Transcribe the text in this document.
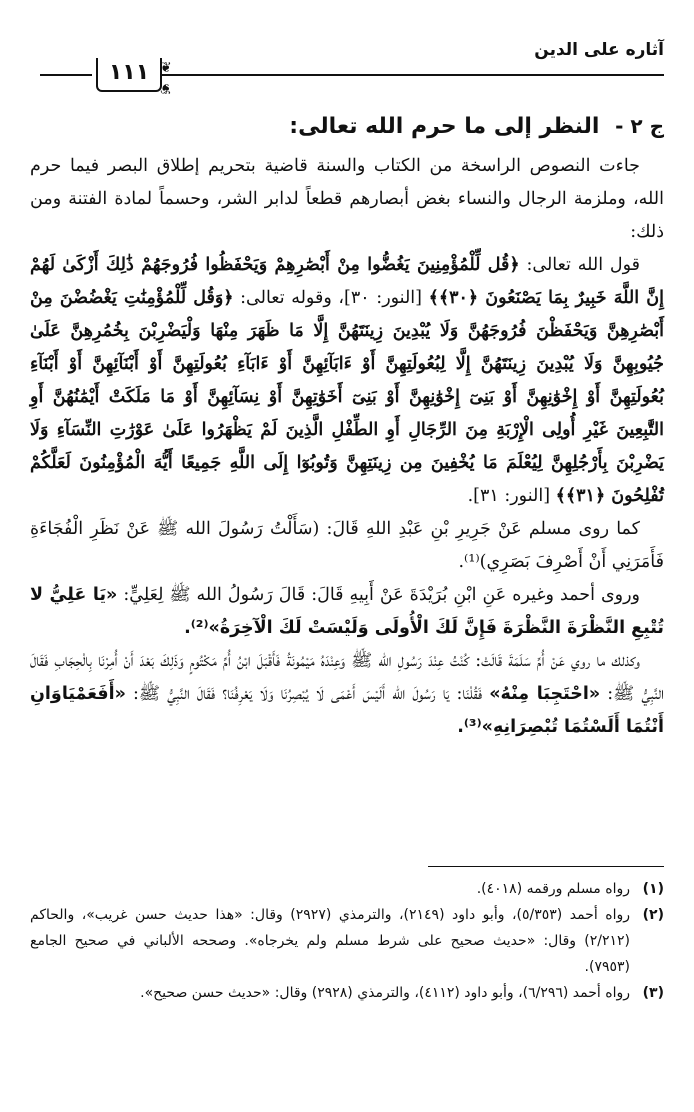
آثاره على الدين
❦
❦
١١١
ج ٢ - النظر إلى ما حرم الله تعالى:

جاءت النصوص الراسخة من الكتاب والسنة قاضية بتحريم إطلاق البصر فيما حرم الله، وملزمة الرجال والنساء بغض أبصارهم قطعاً لدابر الشر، وحسماً لمادة الفتنة ومن ذلك:

قول الله تعالى: ﴿قُل لِّلْمُؤْمِنِينَ يَغُضُّوا مِنْ أَبْصَٰرِهِمْ وَيَحْفَظُوا فُرُوجَهُمْ ذَٰلِكَ أَزْكَىٰ لَهُمْ إِنَّ اللَّهَ خَبِيرٌ بِمَا يَصْنَعُونَ ﴿٣٠﴾﴾ [النور: ٣٠]، وقوله تعالى: ﴿وَقُل لِّلْمُؤْمِنَٰتِ يَغْضُضْنَ مِنْ أَبْصَٰرِهِنَّ وَيَحْفَظْنَ فُرُوجَهُنَّ وَلَا يُبْدِينَ زِينَتَهُنَّ إِلَّا مَا ظَهَرَ مِنْهَا وَلْيَضْرِبْنَ بِخُمُرِهِنَّ عَلَىٰ جُيُوبِهِنَّ وَلَا يُبْدِينَ زِينَتَهُنَّ إِلَّا لِبُعُولَتِهِنَّ أَوْ ءَابَآئِهِنَّ أَوْ ءَابَآءِ بُعُولَتِهِنَّ أَوْ أَبْنَآئِهِنَّ أَوْ أَبْنَآءِ بُعُولَتِهِنَّ أَوْ إِخْوَٰنِهِنَّ أَوْ بَنِىٓ إِخْوَٰنِهِنَّ أَوْ بَنِىٓ أَخَوَٰتِهِنَّ أَوْ نِسَآئِهِنَّ أَوْ مَا مَلَكَتْ أَيْمَٰنُهُنَّ أَوِ التَّٰبِعِينَ غَيْرِ أُولِى الْإِرْبَةِ مِنَ الرِّجَالِ أَوِ الطِّفْلِ الَّذِينَ لَمْ يَظْهَرُوا عَلَىٰ عَوْرَٰتِ النِّسَآءِ وَلَا يَضْرِبْنَ بِأَرْجُلِهِنَّ لِيُعْلَمَ مَا يُخْفِينَ مِن زِينَتِهِنَّ وَتُوبُوٓا إِلَى اللَّهِ جَمِيعًا أَيُّهَ الْمُؤْمِنُونَ لَعَلَّكُمْ تُفْلِحُونَ ﴿٣١﴾﴾ [النور: ٣١].

كما روى مسلم عَنْ جَرِيرِ بْنِ عَبْدِ اللهِ قَالَ: (سَأَلْتُ رَسُولَ الله ﷺ عَنْ نَظَرِ الْفُجَاءَةِ فَأَمَرَنِي أَنْ أَصْرِفَ بَصَرِي)⁽¹⁾.

وروى أحمد وغيره عَنِ ابْنِ بُرَيْدَةَ عَنْ أَبِيهِ قَالَ: قَالَ رَسُولُ الله ﷺ لِعَلِيٍّ: «يَا عَلِيُّ لا تُتْبِعِ النَّظْرَةَ النَّظْرَةَ فَإِنَّ لَكَ الْأُولَى وَلَيْسَتْ لَكَ الْآخِرَةُ»⁽²⁾.

وكذلك ما روي عَنْ أُمِّ سَلَمَةَ قَالَتْ: كُنْتُ عِنْدَ رَسُولِ الله ﷺ وَعِنْدَهُ مَيْمُونَةُ فَأَقْبَلَ ابْنُ أُمِّ مَكْتُومٍ وَذَلِكَ بَعْدَ أَنْ أُمِرْنَا بِالْحِجَابِ فَقَالَ النَّبِيُّ ﷺ: «احْتَجِبَا مِنْهُ» فَقُلْنَا: يَا رَسُولَ الله أَلَيْسَ أَعْمَى لَا يُبْصِرُنَا وَلَا يَعْرِفُنَا؟ فَقَالَ النَّبِيُّ ﷺ: «أَفَعَمْيَاوَانِ أَنْتُمَا أَلَسْتُمَا تُبْصِرَانِهِ»⁽³⁾.

(١)
رواه مسلم ورقمه (٤٠١٨).
(٢)
رواه أحمد (٥/٣٥٣)، وأبو داود (٢١٤٩)، والترمذي (٢٩٢٧) وقال: «هذا حديث حسن غريب»، والحاكم (٢/٢١٢) وقال: «حديث صحيح على شرط مسلم ولم يخرجاه». وصححه الألباني في صحيح الجامع (٧٩٥٣).
(٣)
رواه أحمد (٦/٢٩٦)، وأبو داود (٤١١٢)، والترمذي (٢٩٢٨) وقال: «حديث حسن صحيح».
